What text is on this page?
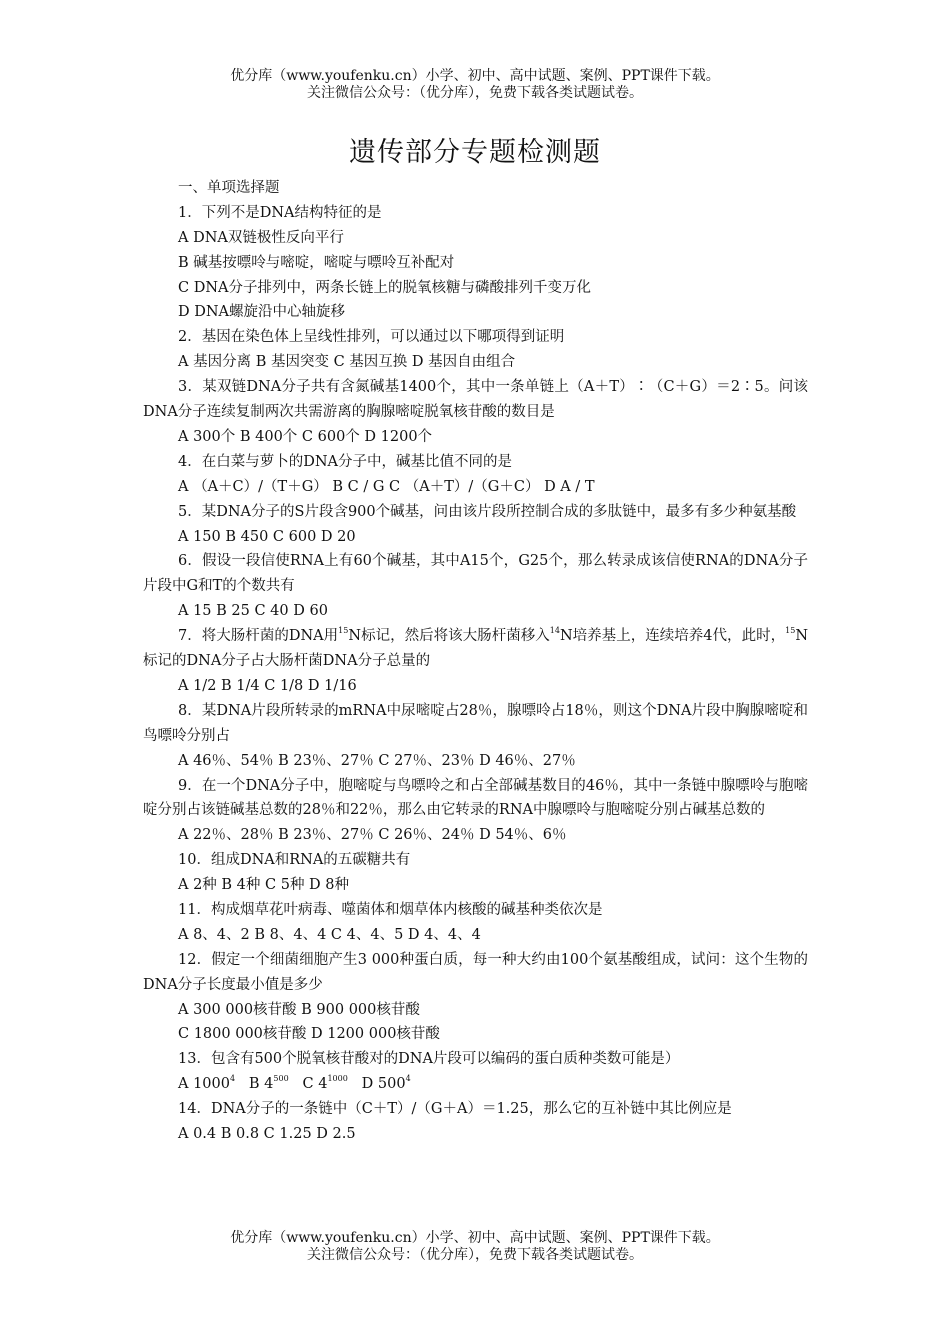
优分库（www.youfenku.cn）小学、初中、高中试题、案例、PPT课件下载。
关注微信公众号：（优分库），免费下载各类试题试卷。
遗传部分专题检测题
一、单项选择题
1．下列不是DNA结构特征的是
A DNA双链极性反向平行
B 碱基按嘌呤与嘧啶，嘧啶与嘌呤互补配对
C DNA分子排列中，两条长链上的脱氧核糖与磷酸排列千变万化
D DNA螺旋沿中心轴旋移
2．基因在染色体上呈线性排列，可以通过以下哪项得到证明
A 基因分离 B 基因突变 C 基因互换 D 基因自由组合
3．某双链DNA分子共有含氮碱基1400个，其中一条单链上（A＋T）∶（C＋G）＝2∶5。问该DNA分子连续复制两次共需游离的胸腺嘧啶脱氧核苷酸的数目是
A 300个 B 400个 C 600个 D 1200个
4．在白菜与萝卜的DNA分子中，碱基比值不同的是
A （A＋C）/（T＋G） B C / G C （A＋T）/（G＋C） D A / T
5．某DNA分子的S片段含900个碱基，问由该片段所控制合成的多肽链中，最多有多少种氨基酸
A 150 B 450 C 600 D 20
6．假设一段信使RNA上有60个碱基，其中A15个，G25个，那么转录成该信使RNA的DNA分子片段中G和T的个数共有
A 15 B 25 C 40 D 60
7．将大肠杆菌的DNA用$^{15}$N标记，然后将该大肠杆菌移入$^{14}$N培养基上，连续培养4代，此时，$^{15}$N标记的DNA分子占大肠杆菌DNA分子总量的
A 1/2 B 1/4 C 1/8 D 1/16
8．某DNA片段所转录的mRNA中尿嘧啶占28％，腺嘌呤占18％，则这个DNA片段中胸腺嘧啶和鸟嘌呤分别占
A 46％、54％ B 23％、27％ C 27％、23％ D 46％、27％
9．在一个DNA分子中，胞嘧啶与鸟嘌呤之和占全部碱基数目的46％，其中一条链中腺嘌呤与胞嘧啶分别占该链碱基总数的28％和22％，那么由它转录的RNA中腺嘌呤与胞嘧啶分别占碱基总数的
A 22％、28％ B 23％、27％ C 26％、24％ D 54％、6％
10．组成DNA和RNA的五碳糖共有
A 2种 B 4种 C 5种 D 8种
11．构成烟草花叶病毒、噬菌体和烟草体内核酸的碱基种类依次是
A 8、4、2 B 8、4、4 C 4、4、5 D 4、4、4
12．假定一个细菌细胞产生3 000种蛋白质，每一种大约由100个氨基酸组成，试问：这个生物的DNA分子长度最小值是多少
A 300 000核苷酸 B 900 000核苷酸
C 1800 000核苷酸 D 1200 000核苷酸
13．包含有500个脱氧核苷酸对的DNA片段可以编码的蛋白质种类数可能是）
A 1000$^4$ B $4^{500}$ C $4^{1000}$ D $500^4$
14．DNA分子的一条链中（C＋T）/（G＋A）＝1.25，那么它的互补链中其比例应是
A 0.4 B 0.8 C 1.25 D 2.5
优分库（www.youfenku.cn）小学、初中、高中试题、案例、PPT课件下载。
关注微信公众号：（优分库），免费下载各类试题试卷。
